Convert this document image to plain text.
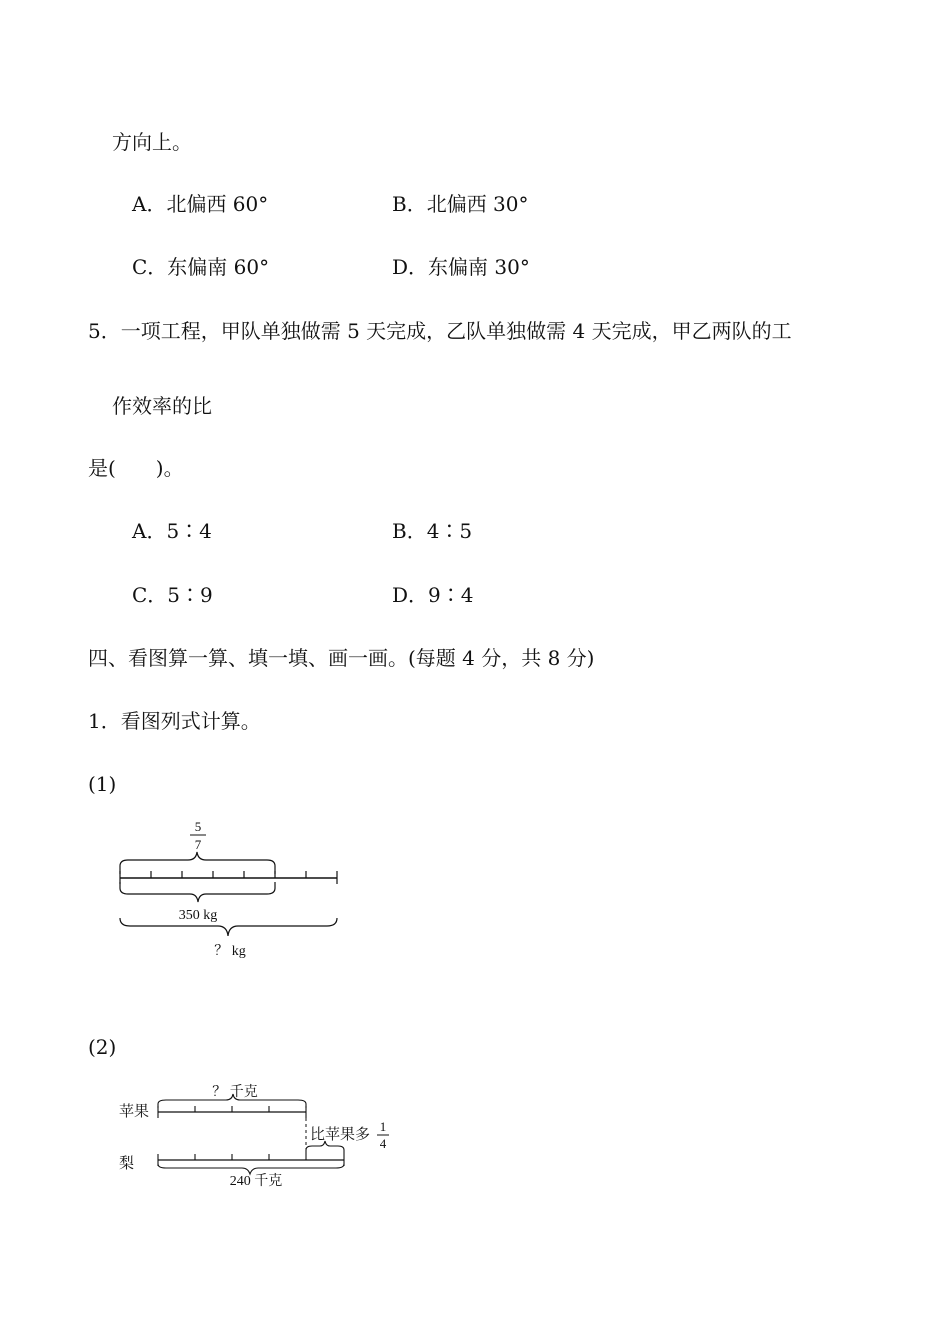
方向上。
A．北偏西 60°	B．北偏西 30°
C．东偏南 60°	D．东偏南 30°
5．一项工程，甲队单独做需 5 天完成，乙队单独做需 4 天完成，甲乙两队的工
作效率的比
是(　　)。
A．5∶4	B．4∶5
C．5∶9	D．9∶4
四、看图算一算、填一填、画一画。(每题 4 分，共 8 分)
1．看图列式计算。
(1)
(2)
5
7
350 kg
？ kg
苹果
梨
？ 千克
比苹果多
1
4
240 千克
